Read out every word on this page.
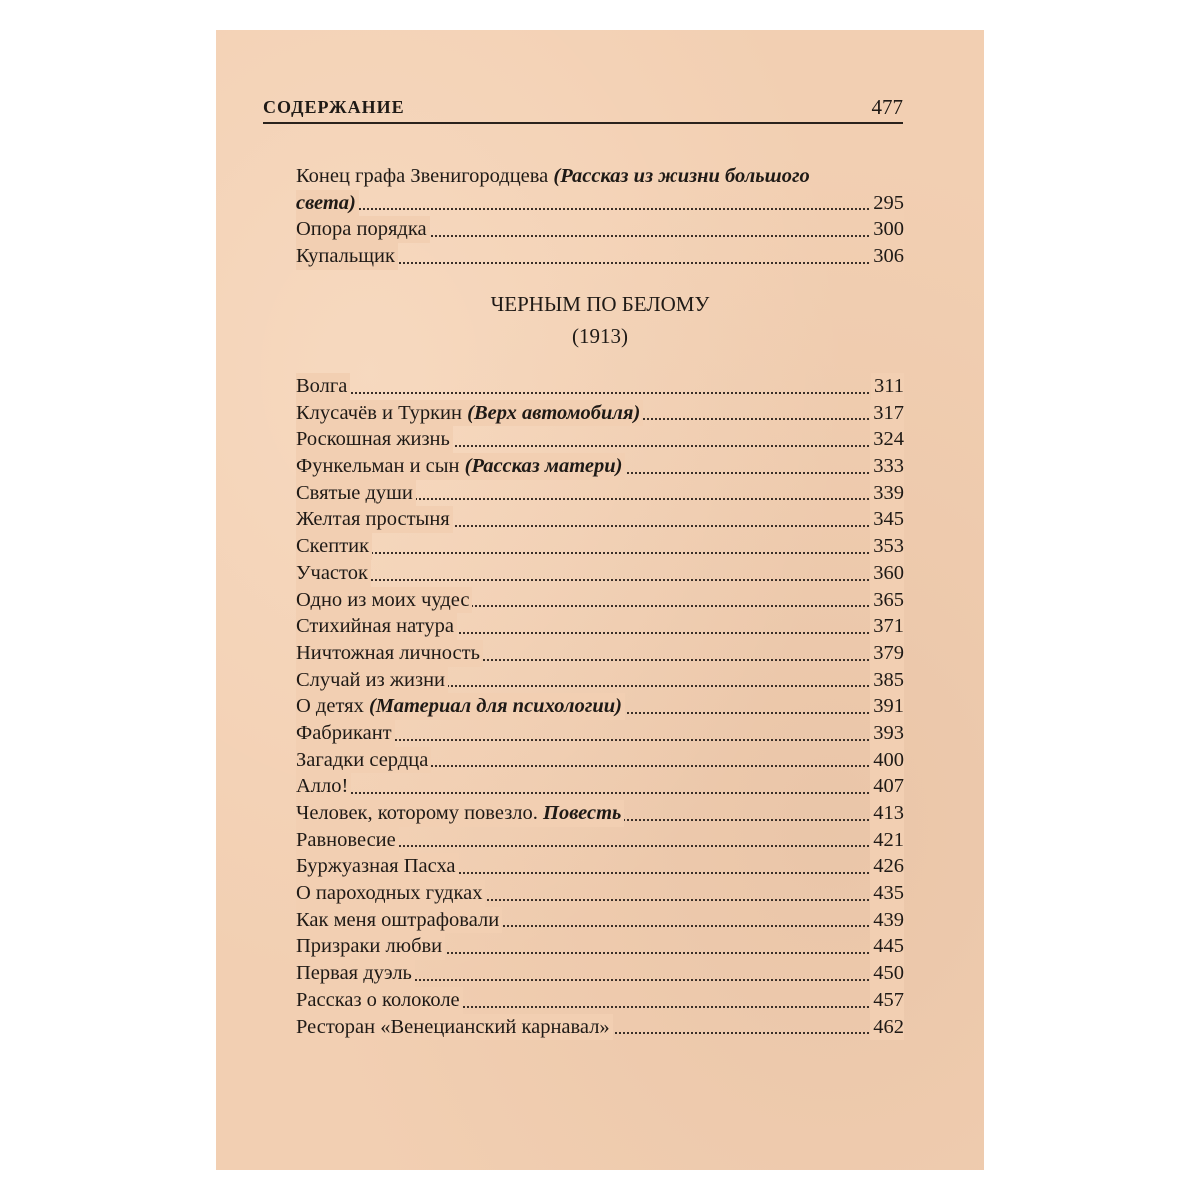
СОДЕРЖАНИЕ	477
Конец графа Звенигородцева (Рассказ из жизни большого
света)	295
Опора порядка	300
Купальщик	306
ЧЕРНЫМ ПО БЕЛОМУ
(1913)
Волга	311
Клусачёв и Туркин (Верх автомобиля)	317
Роскошная жизнь	324
Функельман и сын (Рассказ матери)	333
Святые души	339
Желтая простыня	345
Скептик	353
Участок	360
Одно из моих чудес	365
Стихийная натура	371
Ничтожная личность	379
Случай из жизни	385
О детях (Материал для психологии)	391
Фабрикант	393
Загадки сердца	400
Алло!	407
Человек, которому повезло. Повесть	413
Равновесие	421
Буржуазная Пасха	426
О пароходных гудках	435
Как меня оштрафовали	439
Призраки любви	445
Первая дуэль	450
Рассказ о колоколе	457
Ресторан «Венецианский карнавал»	462
